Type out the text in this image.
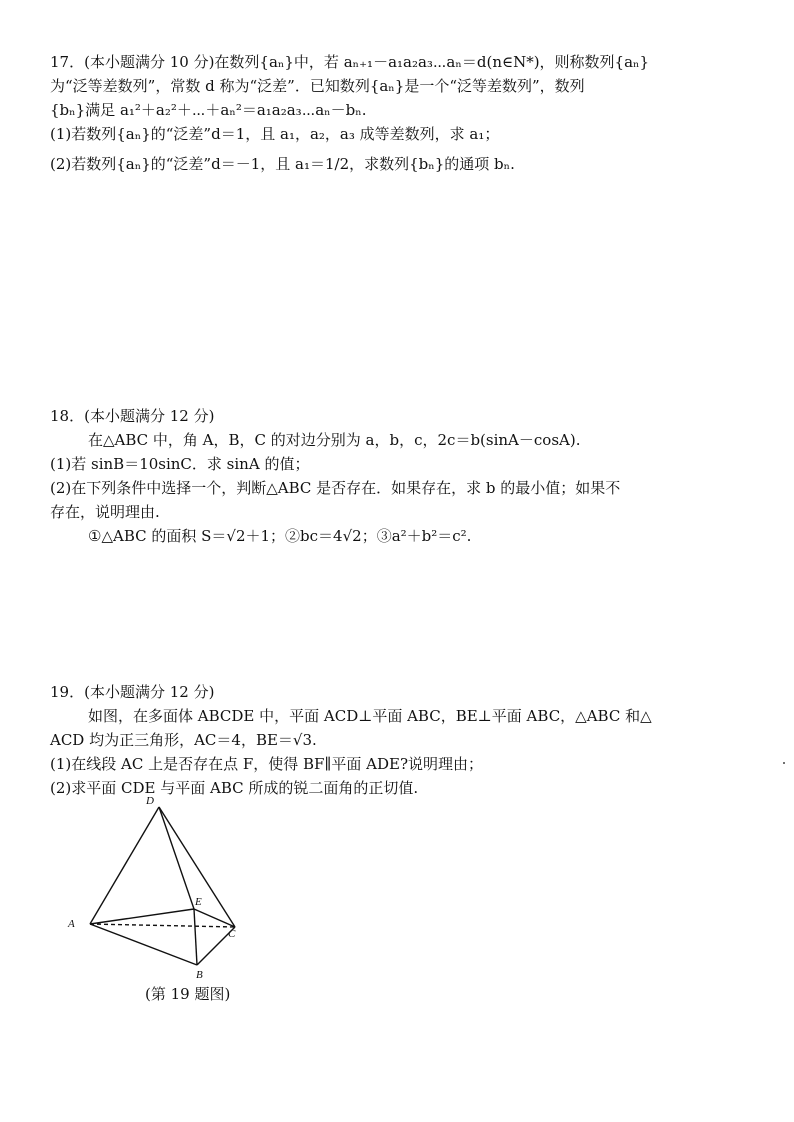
17．(本小题满分 10 分)在数列{aₙ}中，若 aₙ₊₁－a₁a₂a₃⋯aₙ＝d(n∈N*)，则称数列{aₙ}
为“泛等差数列”，常数 d 称为“泛差”．已知数列{aₙ}是一个“泛等差数列”，数列
{bₙ}满足 a₁²＋a₂²＋⋯＋aₙ²＝a₁a₂a₃⋯aₙ－bₙ.
(1)若数列{aₙ}的“泛差”d＝1，且 a₁，a₂，a₃ 成等差数列，求 a₁；
(2)若数列{aₙ}的“泛差”d＝－1，且 a₁＝1/2，求数列{bₙ}的通项 bₙ.
18．(本小题满分 12 分)
在△ABC 中，角 A，B，C 的对边分别为 a，b，c，2c＝b(sinA－cosA).
(1)若 sinB＝10sinC．求 sinA 的值；
(2)在下列条件中选择一个，判断△ABC 是否存在．如果存在，求 b 的最小值；如果不
存在，说明理由.
①△ABC 的面积 S＝√2＋1；②bc＝4√2；③a²＋b²＝c².
19．(本小题满分 12 分)
如图，在多面体 ABCDE 中，平面 ACD⊥平面 ABC，BE⊥平面 ABC，△ABC 和△
ACD 均为正三角形，AC＝4，BE＝√3.
(1)在线段 AC 上是否存在点 F，使得 BF∥平面 ADE?说明理由；
(2)求平面 CDE 与平面 ABC 所成的锐二面角的正切值.
D
A
E
C
B
(第 19 题图)
